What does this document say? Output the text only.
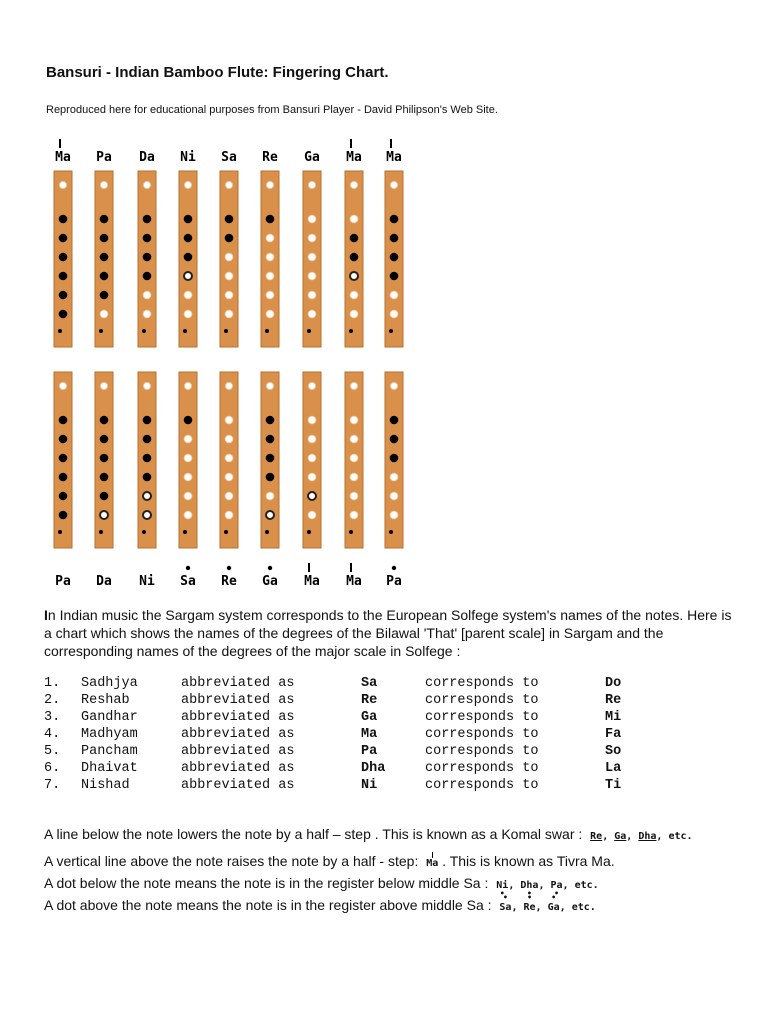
Bansuri - Indian Bamboo Flute: Fingering Chart.
Reproduced here for educational purposes from Bansuri Player - David Philipson's Web Site.
Ma Pa Da Ni Sa Re Ga Ma Ma
Pa Da Ni Sa Re Ga Ma Ma Pa
In Indian music the Sargam system corresponds to the European Solfege system's names of the notes. Here is a chart which shows the names of the degrees of the Bilawal 'That' [parent scale] in Sargam and the corresponding names of the degrees of the major scale in Solfege :
1. Sadhjya	abbreviated as	Sa	corresponds to	Do
2. Reshab	abbreviated as	Re	corresponds to	Re
3. Gandhar	abbreviated as	Ga	corresponds to	Mi
4. Madhyam	abbreviated as	Ma	corresponds to	Fa
5. Pancham	abbreviated as	Pa	corresponds to	So
6. Dhaivat	abbreviated as	Dha	corresponds to	La
7. Nishad	abbreviated as	Ni	corresponds to	Ti
A line below the note lowers the note by a half – step . This is known as a Komal swar : Re, Ga, Dha, etc.
A vertical line above the note raises the note by a half - step: Ma . This is known as Tivra Ma.
A dot below the note means the note is in the register below middle Sa : Ni •, Dha •, Pa •, etc.
A dot above the note means the note is in the register above middle Sa : • Sa, • Re, • Ga, etc.
